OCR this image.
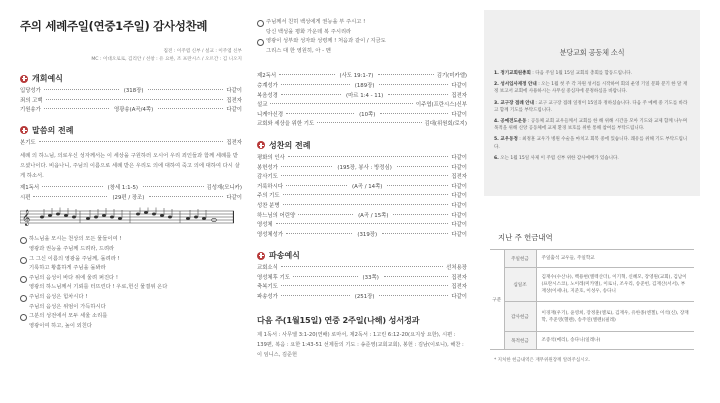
주의 세례주일(연중1주일) 감사성찬례
집전 : 이주엽 신부 / 설교 : 이주엽 신부
MC : 이대오로로, 김리안 / 선창 : 유 요한, 조 프란시스 / 오르간 : 김 니오지
개회예식
입당성가	(318장)	다같이
죄의 고백	집전자
기원송가	영광송(A곡/4쪽)	다같이
말씀의 전례
본기도	집전자
세례 의 하느님, 의로우신 성자께서는 이 세상을 구원하러 오시어 우리 죄인들과 함께 세례를 받으셨나이다. 비옵나니, 주님의 이름으로 세례 받은 우리도 의에 대하여 죽고 의에 대하여 다시 살게 하소서.
제1독서	(창세 1:1-5)	김성재(모니카)
시편	(29편 / 장조)	다같이
𝄞
하느님을 모시는 천상의 모든 물들이여 !
영광과 권능을 주님께 드려라, 드려라
그 그신 이름의 영광을 주님께, 돌려라 !
기룩하고 황홀하게 주님을 돌봐라
주님의 음성이 바다 위에 울려 퍼진다 !
영광의 하느님께서 기뢰를 터뜨린다 ! 우로,헌신 물결위 온다
주님의 음성은 힘차시다 !
주님의 음성은 위엄이 가득하시다
그분의 성전에서 모두 세울 소리를
영광이여 하고, 높이 외친다
주님께서 친히 백성에게 권능을 부 주시고 !
당신 백성을 평화 가운데 복 주시리라
영광이 성부와 성자와 성령께 ! 처음과 같이 / 지금도
그리스 대 한 영원히, 아 - 멘
제2독서	(사도 19:1-7)	김기(미카엘)
층계성가	(189장)	다같이
복음성경	(마르 1:4 - 11)	집전자
설교	이주엽(프란시스)신부
니케아신경	(10쪽)	다같이
교회와 세상을 위한 기도	김대(위원회/로지)
성찬의 전례
평화의 인사	다같이
봉헌성가	(195장, 봉사 : 방정심)	다같이
감사기도	집전자
거룩하시다	(A곡 / 14쪽)	다같이
주의 기도	다같이
성찬 분병	다같이
하느님의 어린양	(A곡 / 15쪽)	다같이
영성체	다같이
영성체성가	(319장)	다같이
파송예식
교회소식	선처용장
영성체후 기도	(33쪽)	집전자
축복기도	집전자
파송성가	(251장)	다같이
다음 주(1월15일) 연중 2주일(나해) 성서정과
제 1독서 : 사무엘 3:1-20(연배) 로마서, 제2독서 : 1고린 6:12-20(요지상 요한), 시편 : 139편, 복음 : 요한 1:43-51 선제들의 기도 : 송준영(교회교회), 봉헌 : 김남(이로니), 해찬 : 이 임니스, 김준헌
분당교회 공동체 소식
1. 정기교회원총회 : 다음 주일 1월 15일 교회의 총회를 합동드립니다.
2. 성서입사재정 안내 : 오는 1월 첫 주 각 자원 성서를 시작하여 회의 운영 기일 문화 분기 한 달 재정 보고서 교회에 사용하시는 사무실 중심자에 분정하심을 바랍니다.
3. 교구장 접례 안내 : 교구 교구장 접례 일정이 15일과 정하셨습니다. 다음 주 예배 중 기도를 바라고 함께 기도를 부탁드립니다.
4. 공예전도운동 : 공동체 교회 교우들께서 교회를 한 해 위해 시간을 모아 기도와 교제 함께 나누며 목적을 위해 신앙 공동체에 교제 환경 보호를 위한 통해 참여를 부탁드립니다.
5. 교우동정 : 최정훈 교우가 병원 수술을 마치고 회복 중에 있습니다. 쾌유를 위해 기도 부탁드립니다.
6. 오는 1월 15일 사제 이 주엽 신부 위한 감사예배가 있습니다.
지난 주 헌금내역
구분	주일헌금	주일출석 교우들, 주일학교
	십일조	김재수(수산나), 백용현(엘렉산더), 이기혁, 신혜모, 장영원(교회), 김남이(프란시스코), 노이레(미카엘), 이로니, 조우리, 송준헌, 김재산(서서), 부재상(이세나), 지준호, 이성우, 송다니
	감사헌금	이경재(우기), 윤영희, 장정훈(엘로), 김재우, 유한종(엔젤), 이석(신), 장재학, 주준영(헬렌), 송주연(엘렌)(필레)
	목적헌금	조증석(메리), 송다니(일레나)
* 지처한 헌금내역은 재무위원장께 알려주십시오.
